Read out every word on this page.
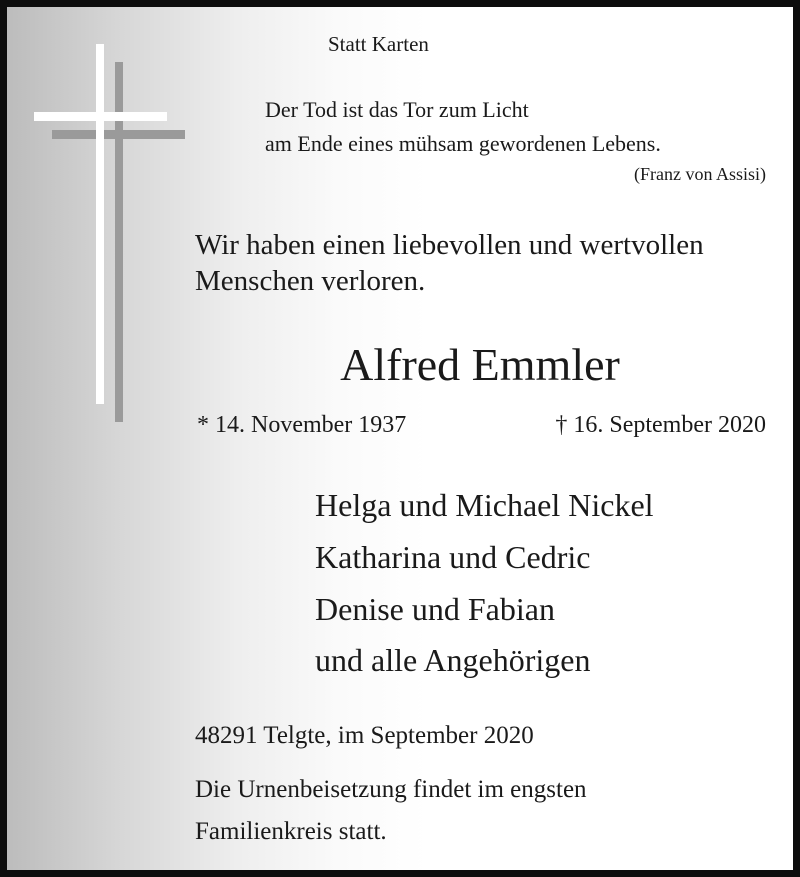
Statt Karten
Der Tod ist das Tor zum Licht
am Ende eines mühsam gewordenen Lebens.
(Franz von Assisi)
Wir haben einen liebevollen und wertvollen
Menschen verloren.
Alfred Emmler
* 14. November 1937	† 16. September 2020
Helga und Michael Nickel
Katharina und Cedric
Denise und Fabian
und alle Angehörigen
48291 Telgte, im September 2020
Die Urnenbeisetzung findet im engsten
Familienkreis statt.
